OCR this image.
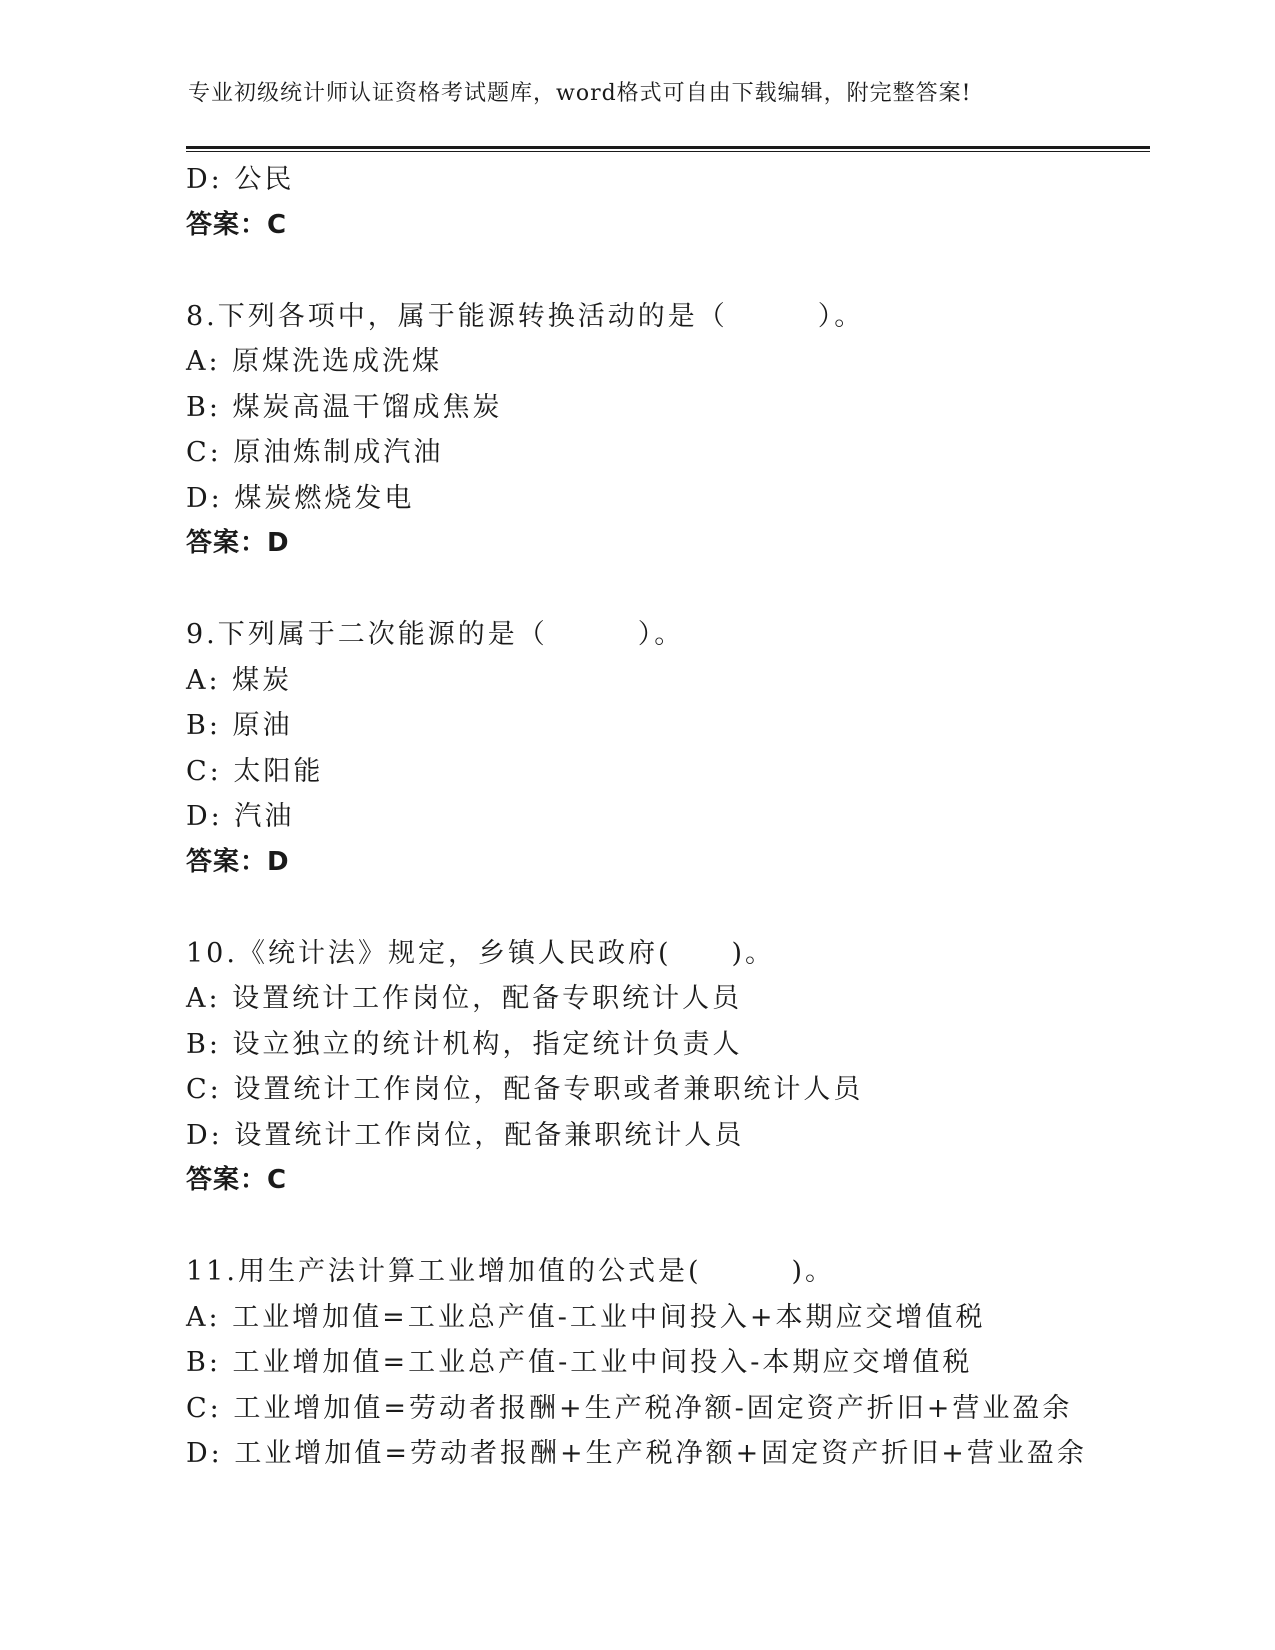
专业初级统计师认证资格考试题库，word格式可自由下载编辑，附完整答案!
D: 公民
答案：C
8.下列各项中，属于能源转换活动的是（　　　）。
A: 原煤洗选成洗煤
B: 煤炭高温干馏成焦炭
C: 原油炼制成汽油
D: 煤炭燃烧发电
答案：D
9.下列属于二次能源的是（　　　）。
A: 煤炭
B: 原油
C: 太阳能
D: 汽油
答案：D
10.《统计法》规定，乡镇人民政府(　　)。
A: 设置统计工作岗位，配备专职统计人员
B: 设立独立的统计机构，指定统计负责人
C: 设置统计工作岗位，配备专职或者兼职统计人员
D: 设置统计工作岗位，配备兼职统计人员
答案：C
11.用生产法计算工业增加值的公式是(　　　)。
A: 工业增加值=工业总产值-工业中间投入+本期应交增值税
B: 工业增加值=工业总产值-工业中间投入-本期应交增值税
C: 工业增加值=劳动者报酬+生产税净额-固定资产折旧+营业盈余
D: 工业增加值=劳动者报酬+生产税净额+固定资产折旧+营业盈余
